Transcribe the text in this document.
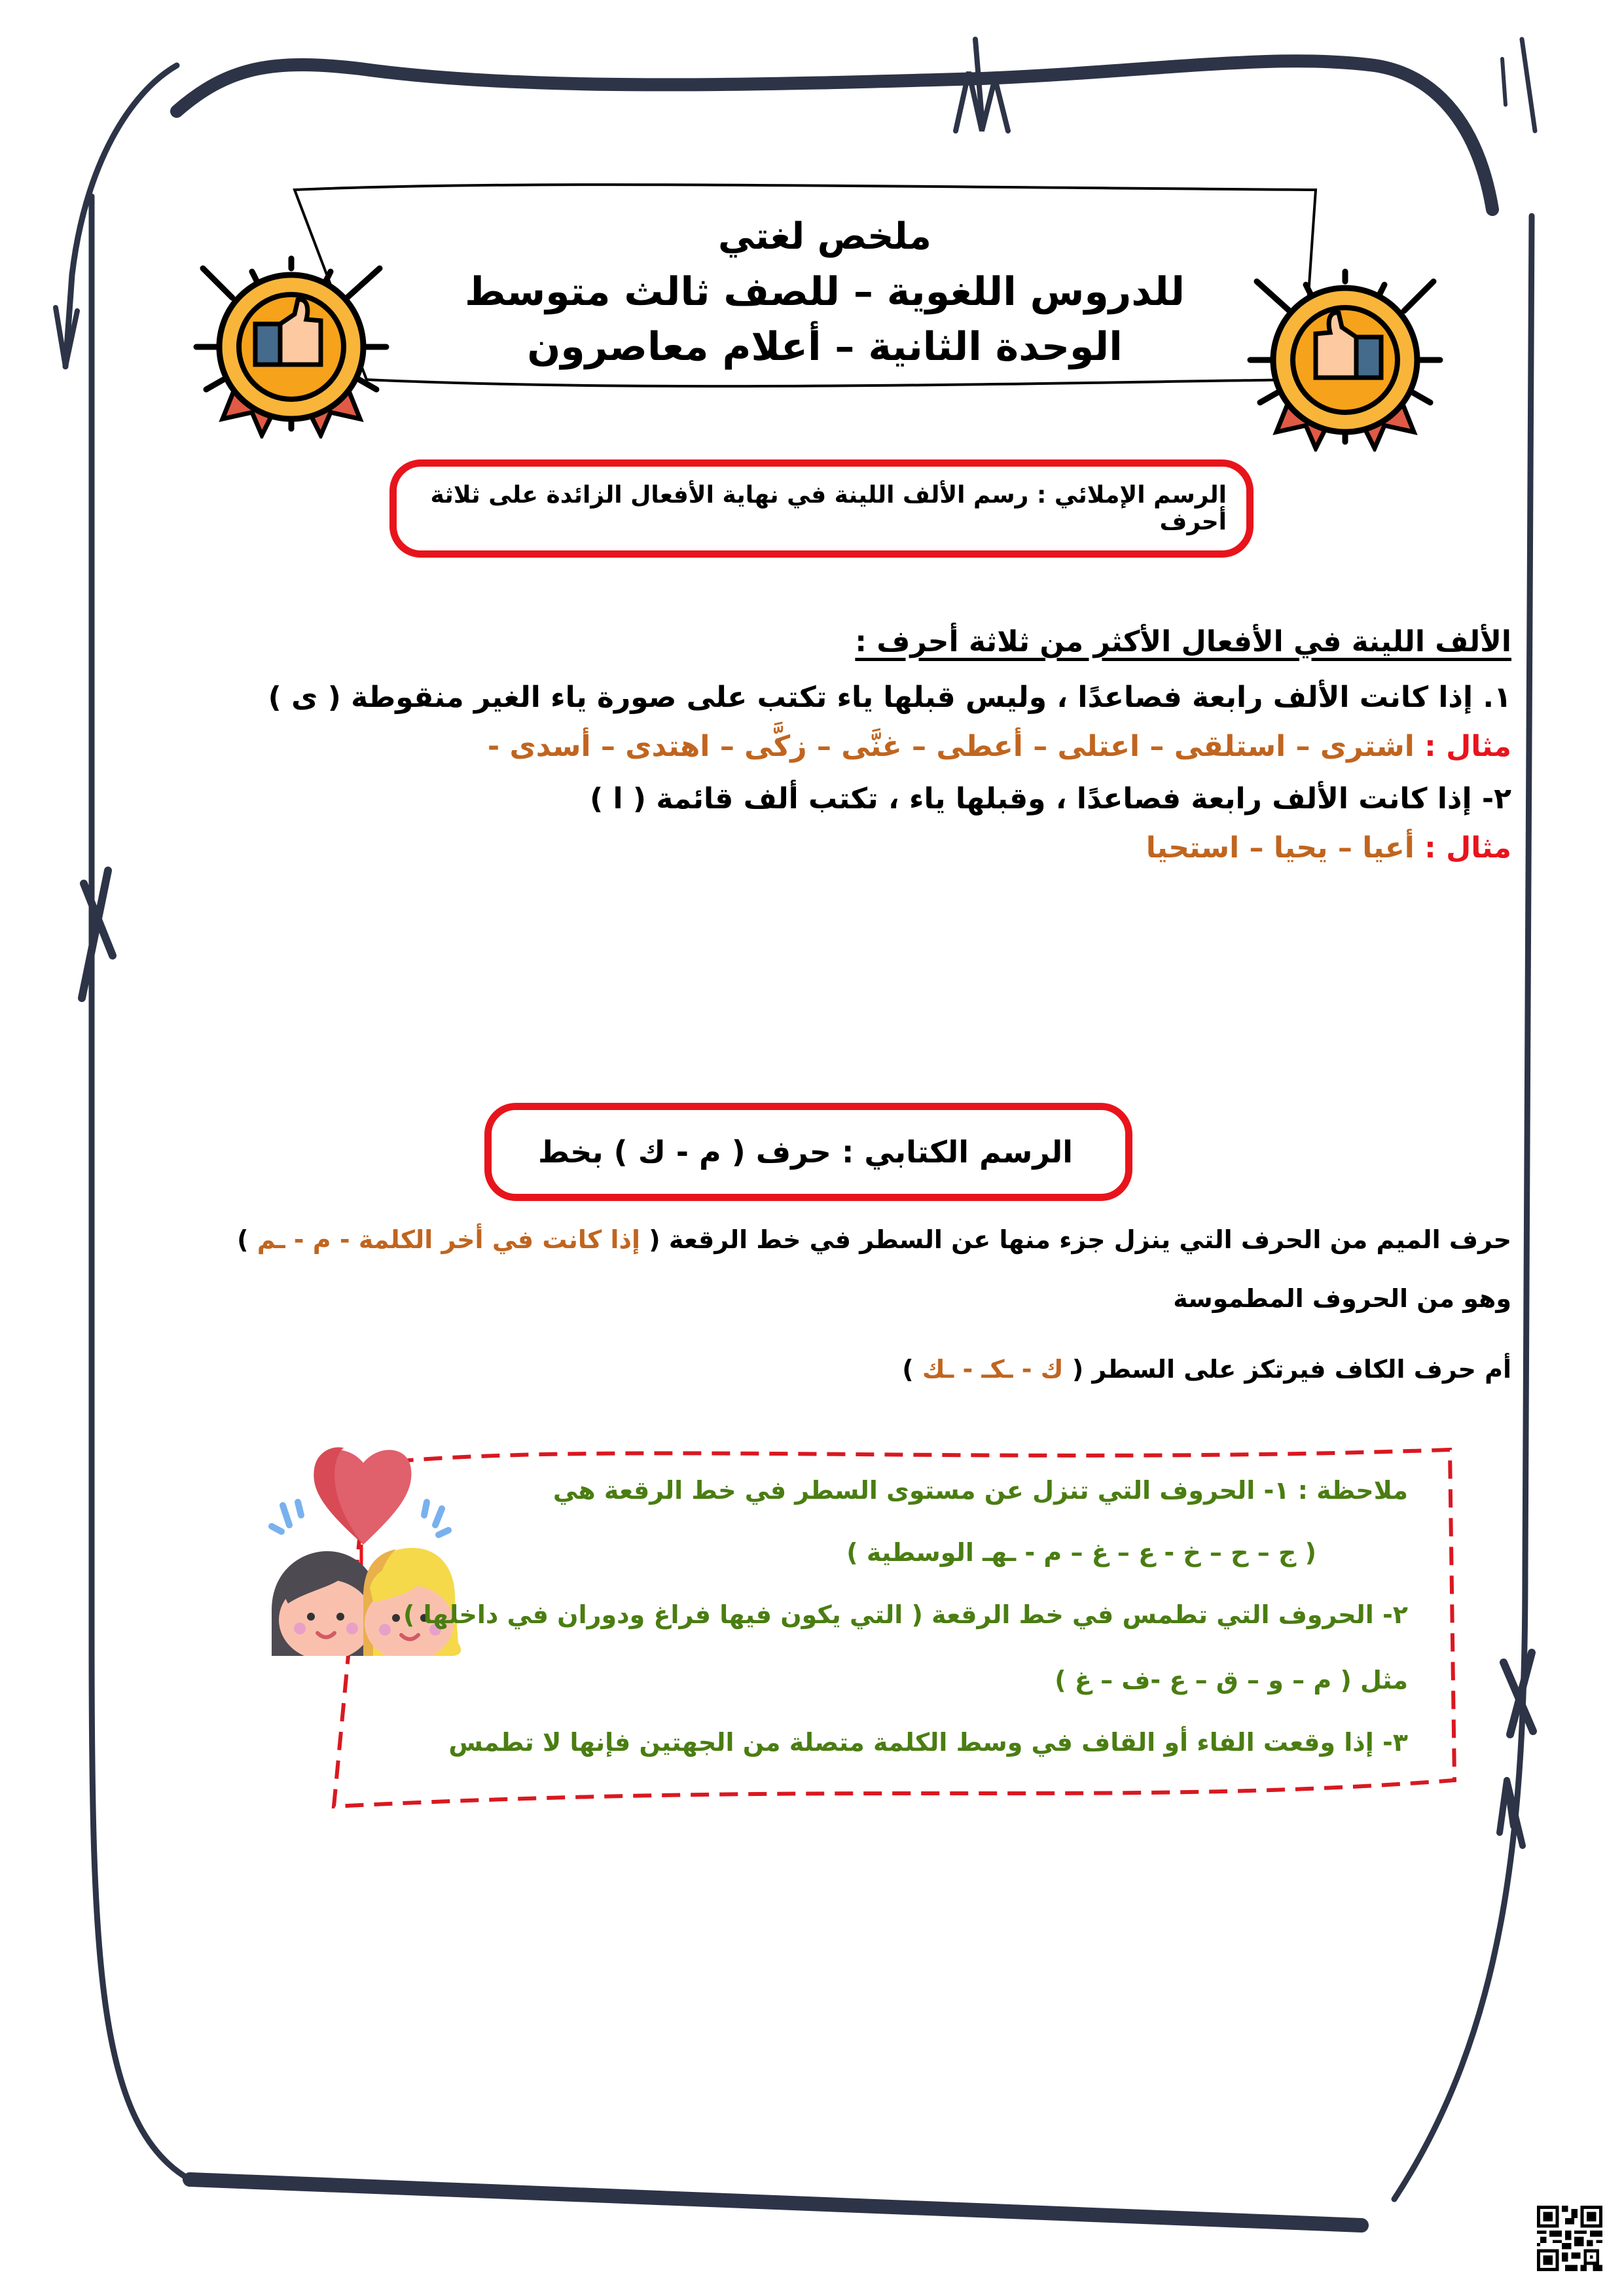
ملخص لغتي
للدروس اللغوية – للصف ثالث متوسط
الوحدة الثانية – أعلام معاصرون
الرسم الإملائي : رسم الألف اللينة في نهاية الأفعال الزائدة على ثلاثة أحرف
الألف اللينة في الأفعال الأكثر من ثلاثة أحرف :
١. إذا كانت الألف رابعة فصاعدًا ، وليس قبلها ياء تكتب على صورة ياء الغير منقوطة ( ى )
مثال : اشترى – استلقى – اعتلى – أعطى – غنَّى – زكَّى – اهتدى – أسدى -
٢- إذا كانت الألف رابعة فصاعدًا ، وقبلها ياء ، تكتب ألف قائمة ( ا )
مثال : أعيا – يحيا – استحيا
الرسم الكتابي : حرف ( م - ك ) بخط
حرف الميم من الحرف التي ينزل جزء منها عن السطر في خط الرقعة ( إذا كانت في أخر الكلمة - م - ـم )
وهو من الحروف المطموسة
أم حرف الكاف فيرتكز على السطر ( ك - ـكـ - ـك )
ملاحظة : ١- الحروف التي تنزل عن مستوى السطر في خط الرقعة هي
( ج – ح – خ - ع – غ – م - ـهـ الوسطية )
٢- الحروف التي تطمس في خط الرقعة ( التي يكون فيها فراغ ودوران في داخلها )
مثل ( م – و – ق – ع -ف – غ )
٣- إذا وقعت الفاء أو القاف في وسط الكلمة متصلة من الجهتين فإنها لا تطمس
